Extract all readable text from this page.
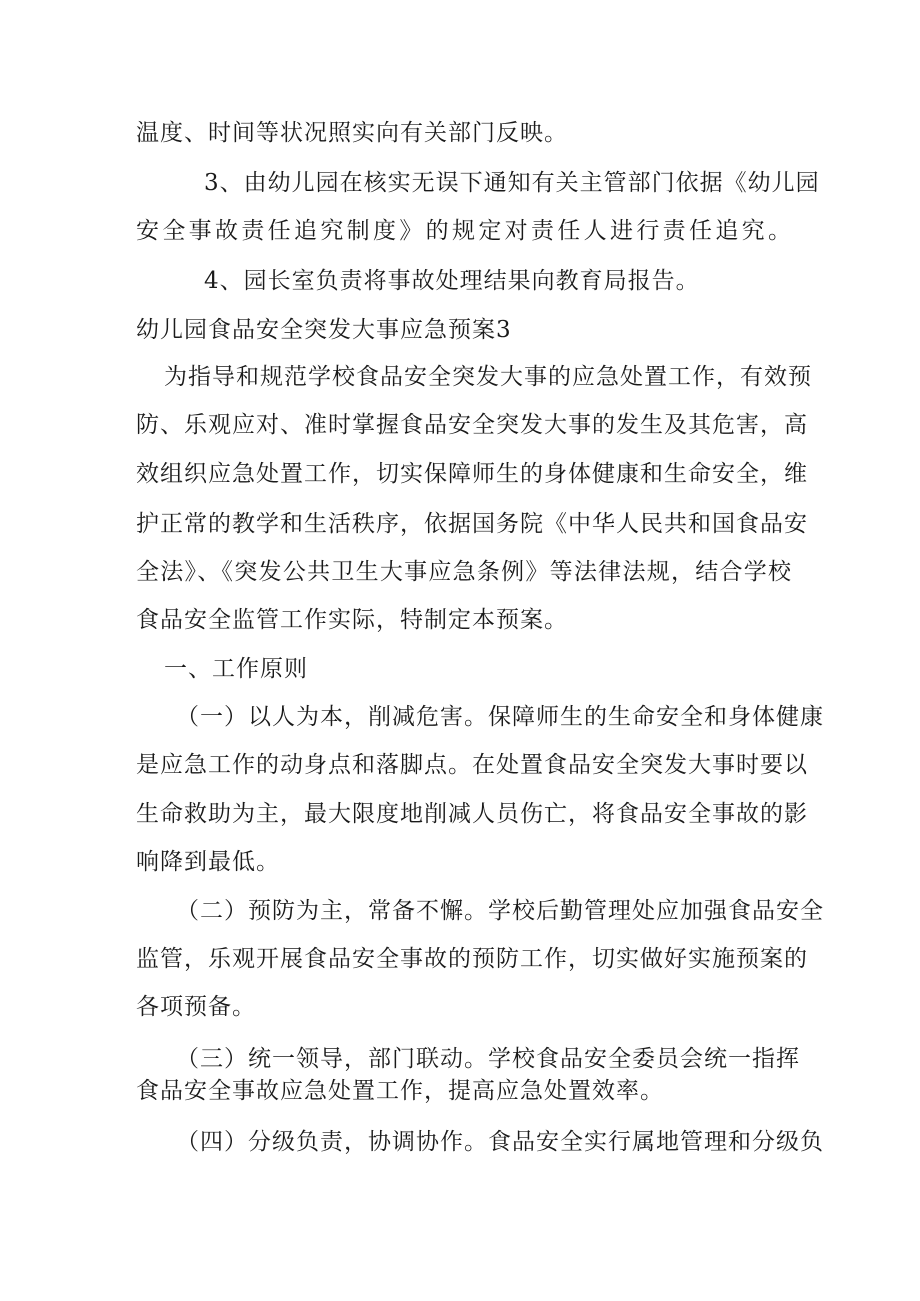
温度、时间等状况照实向有关部门反映。
3、由幼儿园在核实无误下通知有关主管部门依据《幼儿园
安全事故责任追究制度》的规定对责任人进行责任追究。
4、园长室负责将事故处理结果向教育局报告。
幼儿园食品安全突发大事应急预案3
为指导和规范学校食品安全突发大事的应急处置工作，有效预
防、乐观应对、准时掌握食品安全突发大事的发生及其危害，高
效组织应急处置工作，切实保障师生的身体健康和生命安全，维
护正常的教学和生活秩序，依据国务院《中华人民共和国食品安
全法》、《突发公共卫生大事应急条例》等法律法规，结合学校
食品安全监管工作实际，特制定本预案。
一、工作原则
（一）以人为本，削减危害。保障师生的生命安全和身体健康
是应急工作的动身点和落脚点。在处置食品安全突发大事时要以
生命救助为主，最大限度地削减人员伤亡，将食品安全事故的影
响降到最低。
（二）预防为主，常备不懈。学校后勤管理处应加强食品安全
监管，乐观开展食品安全事故的预防工作，切实做好实施预案的
各项预备。
（三）统一领导，部门联动。学校食品安全委员会统一指挥
食品安全事故应急处置工作，提高应急处置效率。
（四）分级负责，协调协作。食品安全实行属地管理和分级负
